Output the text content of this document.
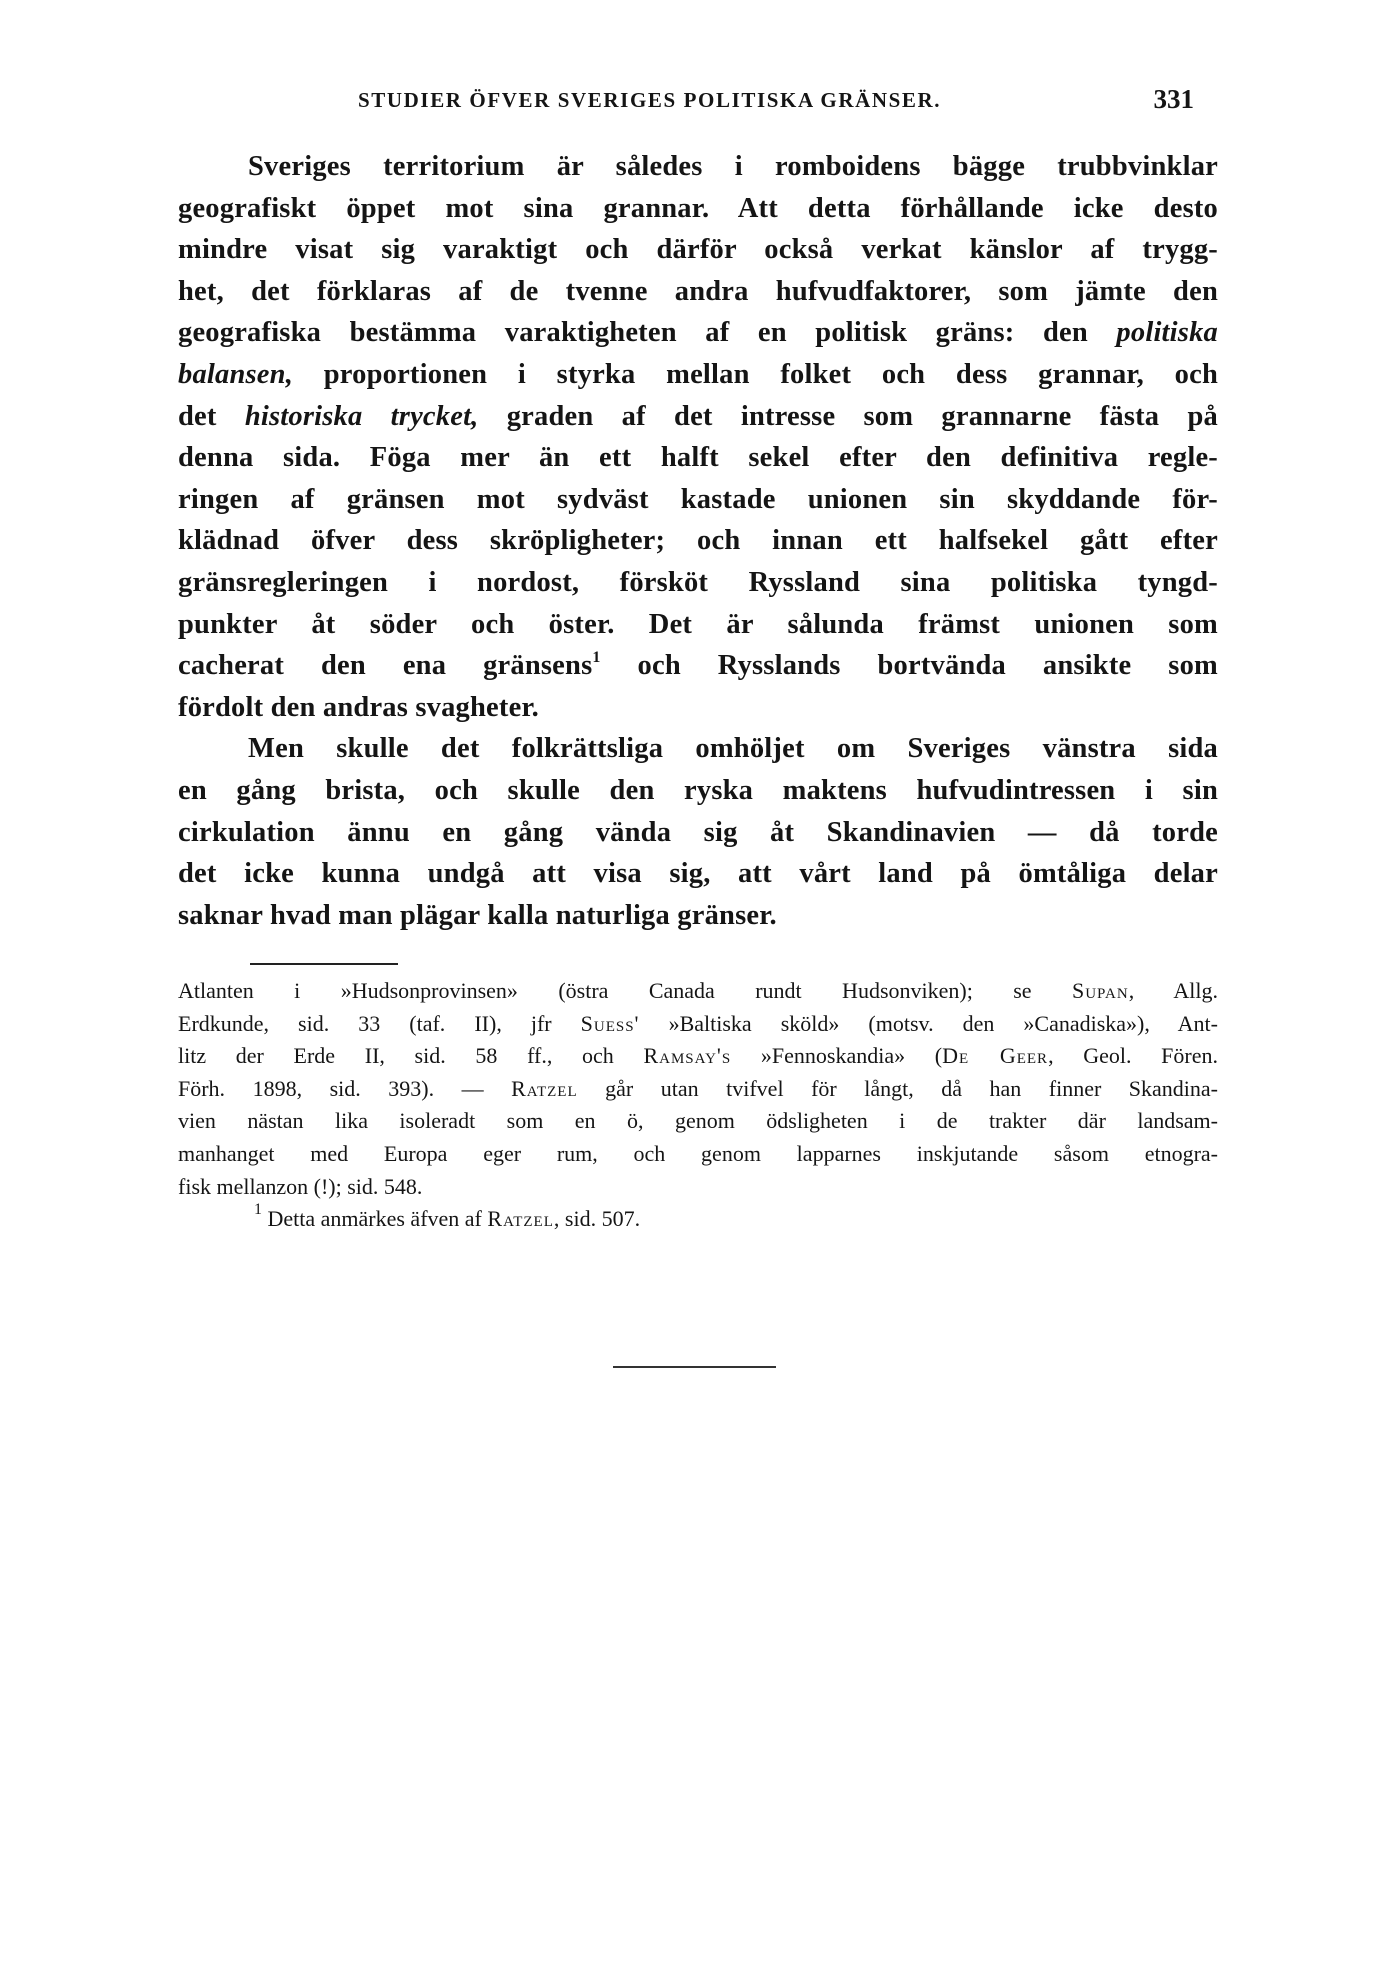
STUDIER ÖFVER SVERIGES POLITISKA GRÄNSER.	331
Sveriges territorium är således i romboidens bägge trubbvinklar
geografiskt öppet mot sina grannar. Att detta förhållande icke desto
mindre visat sig varaktigt och därför också verkat känslor af trygg-
het, det förklaras af de tvenne andra hufvudfaktorer, som jämte den
geografiska bestämma varaktigheten af en politisk gräns: den politiska
balansen, proportionen i styrka mellan folket och dess grannar, och
det historiska trycket, graden af det intresse som grannarne fästa på
denna sida. Föga mer än ett halft sekel efter den definitiva regle-
ringen af gränsen mot sydväst kastade unionen sin skyddande för-
klädnad öfver dess skröpligheter; och innan ett halfsekel gått efter
gränsregleringen i nordost, försköt Ryssland sina politiska tyngd-
punkter åt söder och öster. Det är sålunda främst unionen som
cacherat den ena gränsens$^1$ och Rysslands bortvända ansikte som
fördolt den andras svagheter.
Men skulle det folkrättsliga omhöljet om Sveriges vänstra sida
en gång brista, och skulle den ryska maktens hufvudintressen i sin
cirkulation ännu en gång vända sig åt Skandinavien — då torde
det icke kunna undgå att visa sig, att vårt land på ömtåliga delar
saknar hvad man plägar kalla naturliga gränser.
Atlanten i »Hudsonprovinsen» (östra Canada rundt Hudsonviken); se Supan, Allg.
Erdkunde, sid. 33 (taf. II), jfr Suess' »Baltiska sköld» (motsv. den »Canadiska»), Ant-
litz der Erde II, sid. 58 ff., och Ramsay's »Fennoskandia» (De Geer, Geol. Fören.
Förh. 1898, sid. 393). — Ratzel går utan tvifvel för långt, då han finner Skandina-
vien nästan lika isoleradt som en ö, genom ödsligheten i de trakter där landsam-
manhanget med Europa eger rum, och genom lapparnes inskjutande såsom etnogra-
fisk mellanzon (!); sid. 548.
$^1$ Detta anmärkes äfven af Ratzel, sid. 507.
